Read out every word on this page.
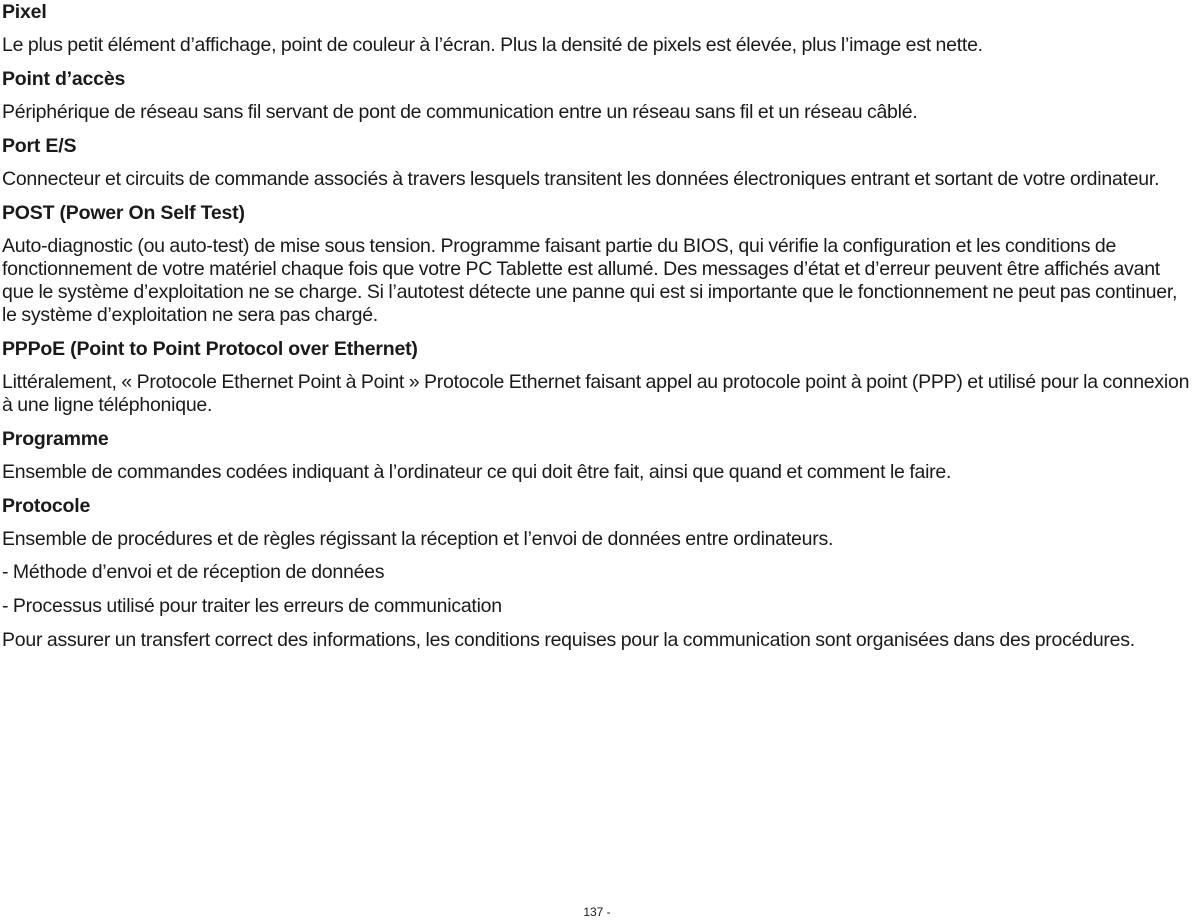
Pixel
Le plus petit élément d’affichage, point de couleur à l’écran. Plus la densité de pixels est élevée, plus l’image est nette.
Point d’accès
Périphérique de réseau sans fil servant de pont de communication entre un réseau sans fil et un réseau câblé.
Port E/S
Connecteur et circuits de commande associés à travers lesquels transitent les données électroniques entrant et sortant de votre ordinateur.
POST (Power On Self Test)
Auto-diagnostic (ou auto-test) de mise sous tension. Programme faisant partie du BIOS, qui vérifie la configuration et les conditions de fonctionnement de votre matériel chaque fois que votre PC Tablette est allumé. Des messages d’état et d’erreur peuvent être affichés avant que le système d’exploitation ne se charge. Si l’autotest détecte une panne qui est si importante que le fonctionnement ne peut pas continuer, le système d’exploitation ne sera pas chargé.
PPPoE (Point to Point Protocol over Ethernet)
Littéralement, « Protocole Ethernet Point à Point » Protocole Ethernet faisant appel au protocole point à point (PPP) et utilisé pour la connexion à une ligne téléphonique.
Programme
Ensemble de commandes codées indiquant à l’ordinateur ce qui doit être fait, ainsi que quand et comment le faire.
Protocole
Ensemble de procédures et de règles régissant la réception et l’envoi de données entre ordinateurs.
- Méthode d’envoi et de réception de données
- Processus utilisé pour traiter les erreurs de communication
Pour assurer un transfert correct des informations, les conditions requises pour la communication sont organisées dans des procédures.
137 -
